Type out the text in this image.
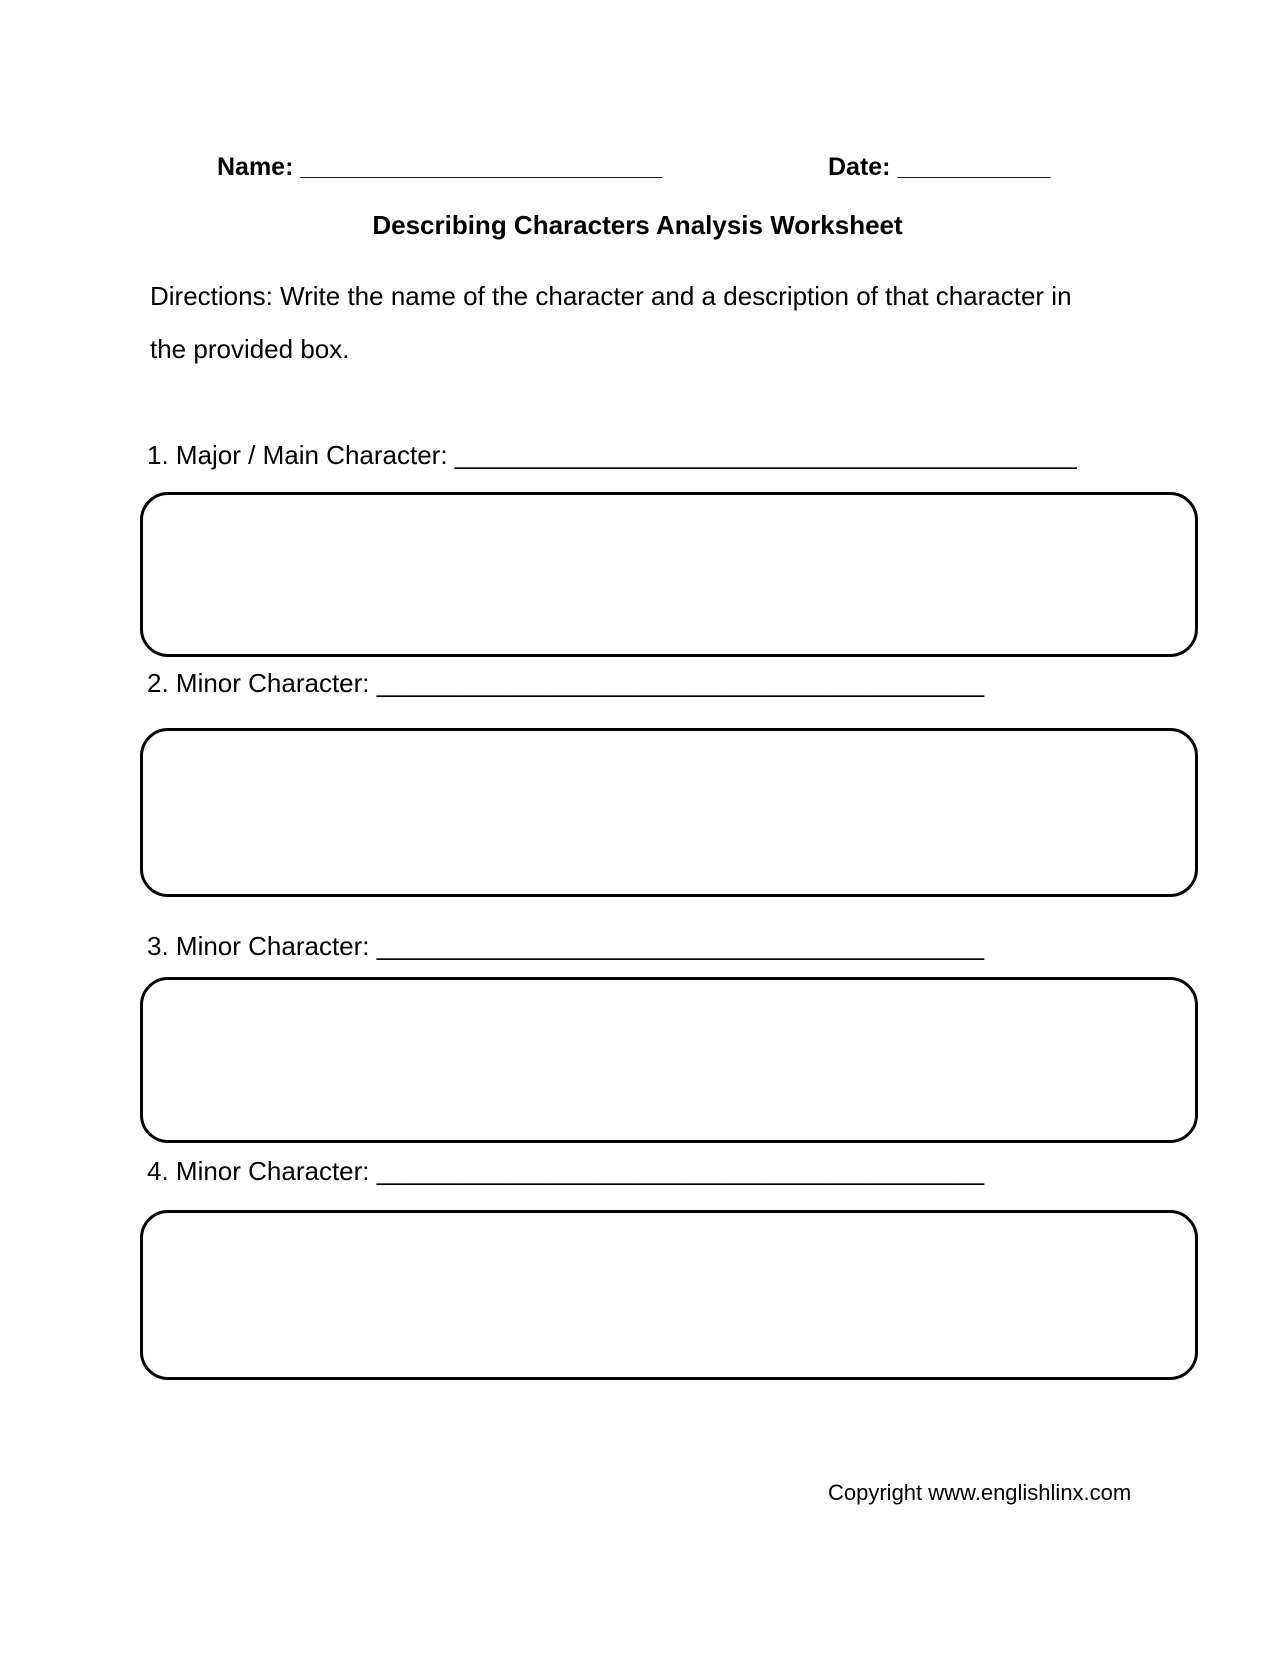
Name: __________________________	Date: ___________
Describing Characters Analysis Worksheet
Directions: Write the name of the character and a description of that character in the provided box.
1. Major / Main Character: ___________________________________________
2. Minor Character: __________________________________________
3. Minor Character: __________________________________________
4. Minor Character: __________________________________________
Copyright www.englishlinx.com
